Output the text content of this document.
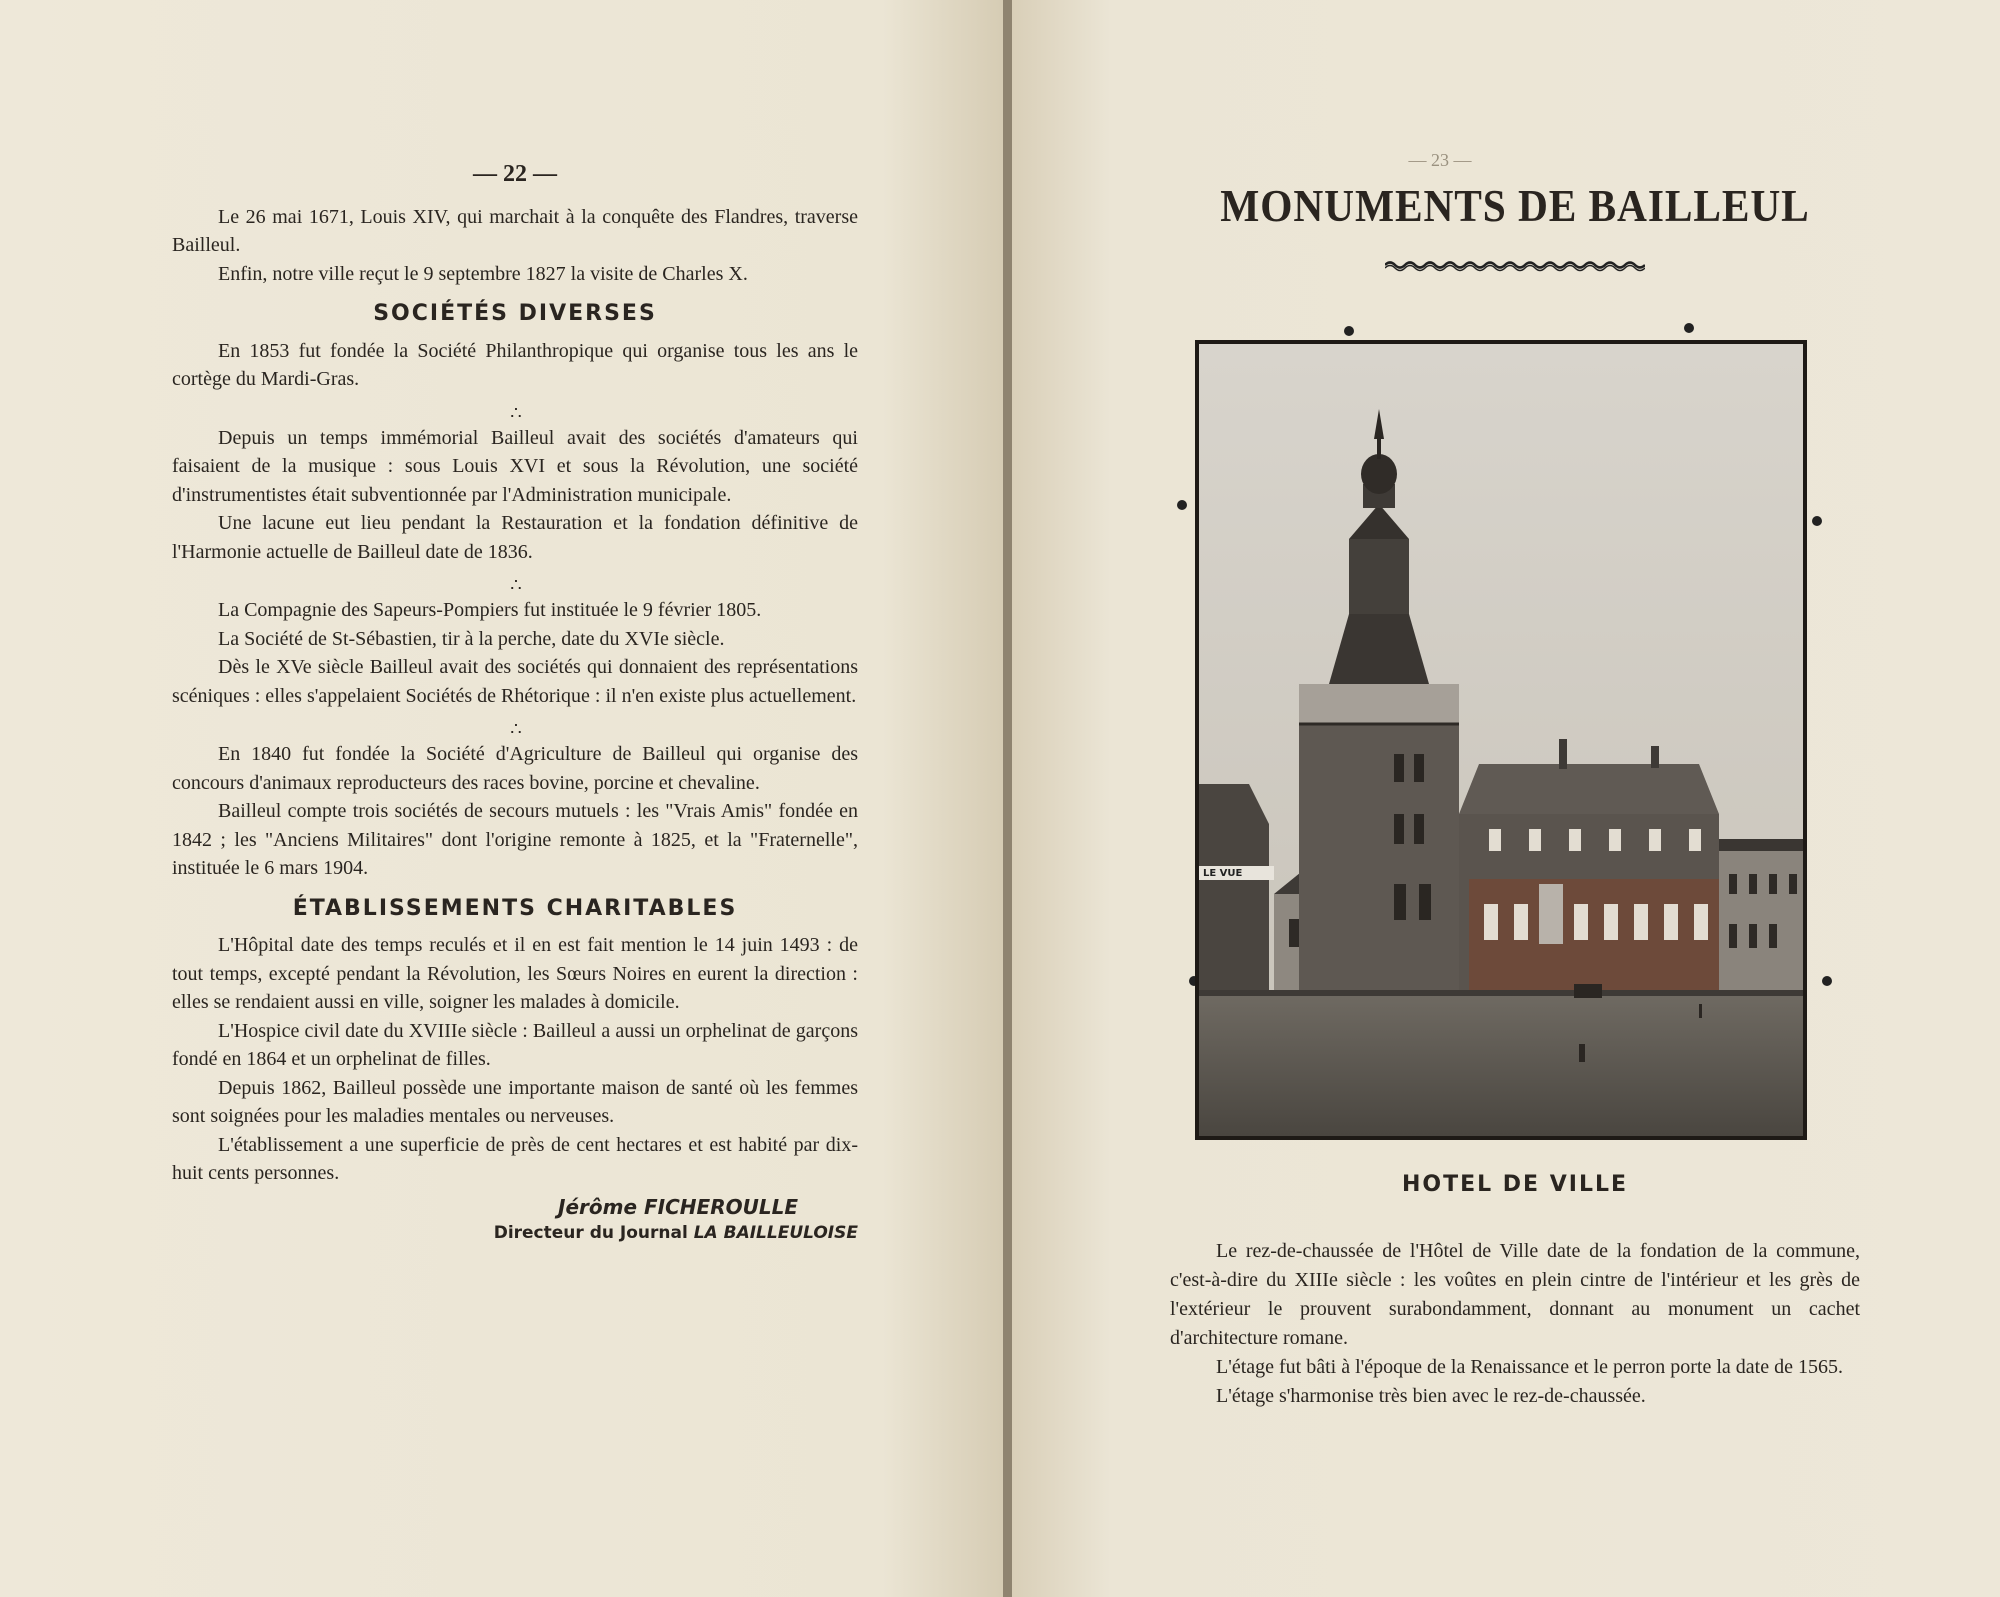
— 22 —

Le 26 mai 1671, Louis XIV, qui marchait à la conquête des Flandres, traverse Bailleul.

Enfin, notre ville reçut le 9 septembre 1827 la visite de Charles X.

SOCIÉTÉS DIVERSES

En 1853 fut fondée la Société Philanthropique qui organise tous les ans le cortège du Mardi-Gras.

∴

Depuis un temps immémorial Bailleul avait des sociétés d'amateurs qui faisaient de la musique : sous Louis XVI et sous la Révolution, une société d'instrumentistes était subventionnée par l'Administration municipale.

Une lacune eut lieu pendant la Restauration et la fondation définitive de l'Harmonie actuelle de Bailleul date de 1836.

∴

La Compagnie des Sapeurs-Pompiers fut instituée le 9 février 1805.

La Société de St-Sébastien, tir à la perche, date du XVIe siècle.

Dès le XVe siècle Bailleul avait des sociétés qui donnaient des représentations scéniques : elles s'appelaient Sociétés de Rhétorique : il n'en existe plus actuellement.

∴

En 1840 fut fondée la Société d'Agriculture de Bailleul qui organise des concours d'animaux reproducteurs des races bovine, porcine et chevaline.

Bailleul compte trois sociétés de secours mutuels : les "Vrais Amis" fondée en 1842 ; les "Anciens Militaires" dont l'origine remonte à 1825, et la "Fraternelle", instituée le 6 mars 1904.

ÉTABLISSEMENTS CHARITABLES

L'Hôpital date des temps reculés et il en est fait mention le 14 juin 1493 : de tout temps, excepté pendant la Révolution, les Sœurs Noires en eurent la direction : elles se rendaient aussi en ville, soigner les malades à domicile.

L'Hospice civil date du XVIIIe siècle : Bailleul a aussi un orphelinat de garçons fondé en 1864 et un orphelinat de filles.

Depuis 1862, Bailleul possède une importante maison de santé où les femmes sont soignées pour les maladies mentales ou nerveuses.

L'établissement a une superficie de près de cent hectares et est habité par dix-huit cents personnes.

Jérôme FICHEROULLE
Directeur du Journal LA BAILLEULOISE
— 23 —
MONUMENTS DE BAILLEUL
LE VUE
HOTEL DE VILLE

Le rez-de-chaussée de l'Hôtel de Ville date de la fondation de la commune, c'est-à-dire du XIIIe siècle : les voûtes en plein cintre de l'intérieur et les grès de l'extérieur le prouvent surabondamment, donnant au monument un cachet d'architecture romane.

L'étage fut bâti à l'époque de la Renaissance et le perron porte la date de 1565.

L'étage s'harmonise très bien avec le rez-de-chaussée.
